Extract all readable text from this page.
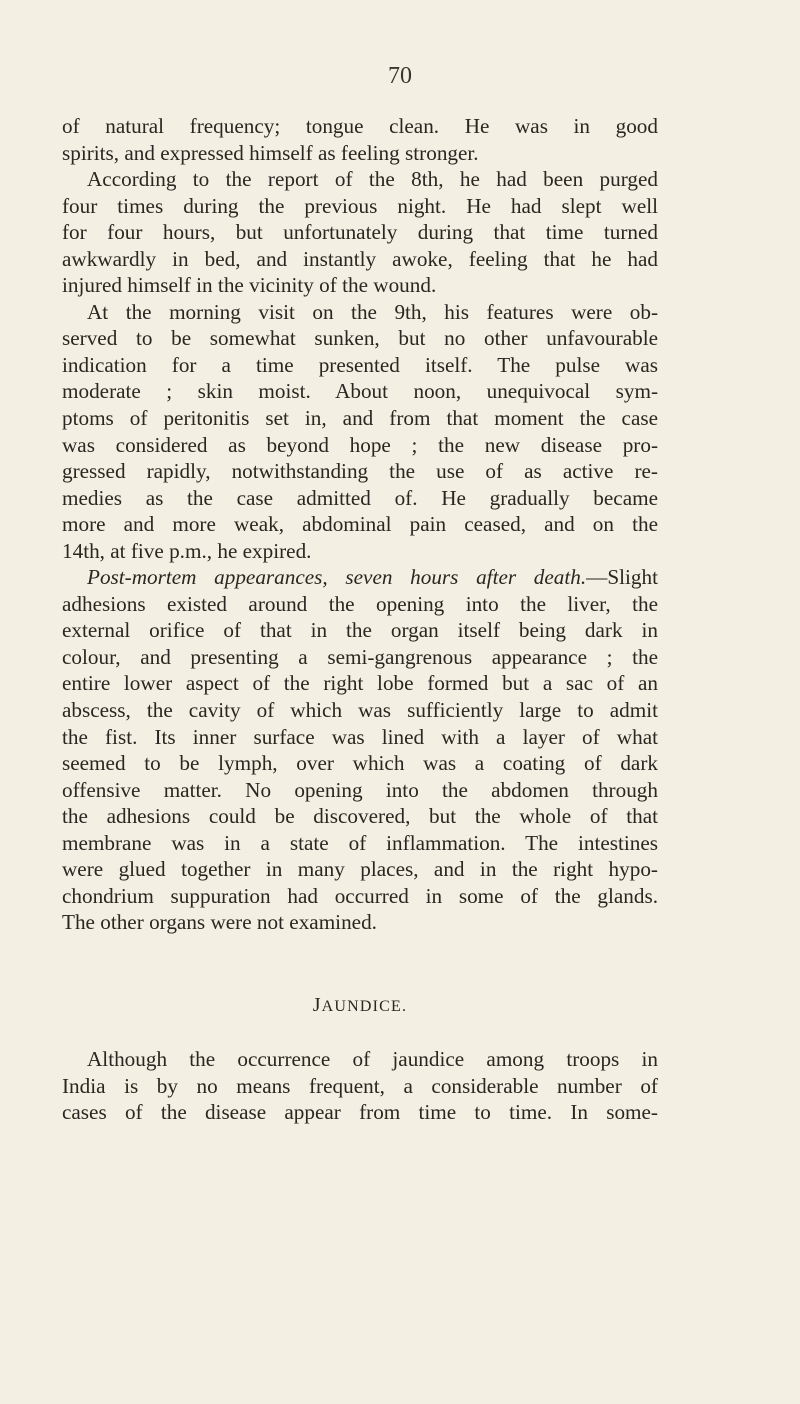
70
of natural frequency; tongue clean. He was in good
spirits, and expressed himself as feeling stronger.
According to the report of the 8th, he had been purged
four times during the previous night. He had slept well
for four hours, but unfortunately during that time turned
awkwardly in bed, and instantly awoke, feeling that he had
injured himself in the vicinity of the wound.
At the morning visit on the 9th, his features were ob-
served to be somewhat sunken, but no other unfavourable
indication for a time presented itself. The pulse was
moderate ; skin moist. About noon, unequivocal sym-
ptoms of peritonitis set in, and from that moment the case
was considered as beyond hope ; the new disease pro-
gressed rapidly, notwithstanding the use of as active re-
medies as the case admitted of. He gradually became
more and more weak, abdominal pain ceased, and on the
14th, at five p.m., he expired.
Post-mortem appearances, seven hours after death.—Slight
adhesions existed around the opening into the liver, the
external orifice of that in the organ itself being dark in
colour, and presenting a semi-gangrenous appearance ; the
entire lower aspect of the right lobe formed but a sac of an
abscess, the cavity of which was sufficiently large to admit
the fist. Its inner surface was lined with a layer of what
seemed to be lymph, over which was a coating of dark
offensive matter. No opening into the abdomen through
the adhesions could be discovered, but the whole of that
membrane was in a state of inflammation. The intestines
were glued together in many places, and in the right hypo-
chondrium suppuration had occurred in some of the glands.
The other organs were not examined.
JAUNDICE.
Although the occurrence of jaundice among troops in
India is by no means frequent, a considerable number of
cases of the disease appear from time to time. In some-
